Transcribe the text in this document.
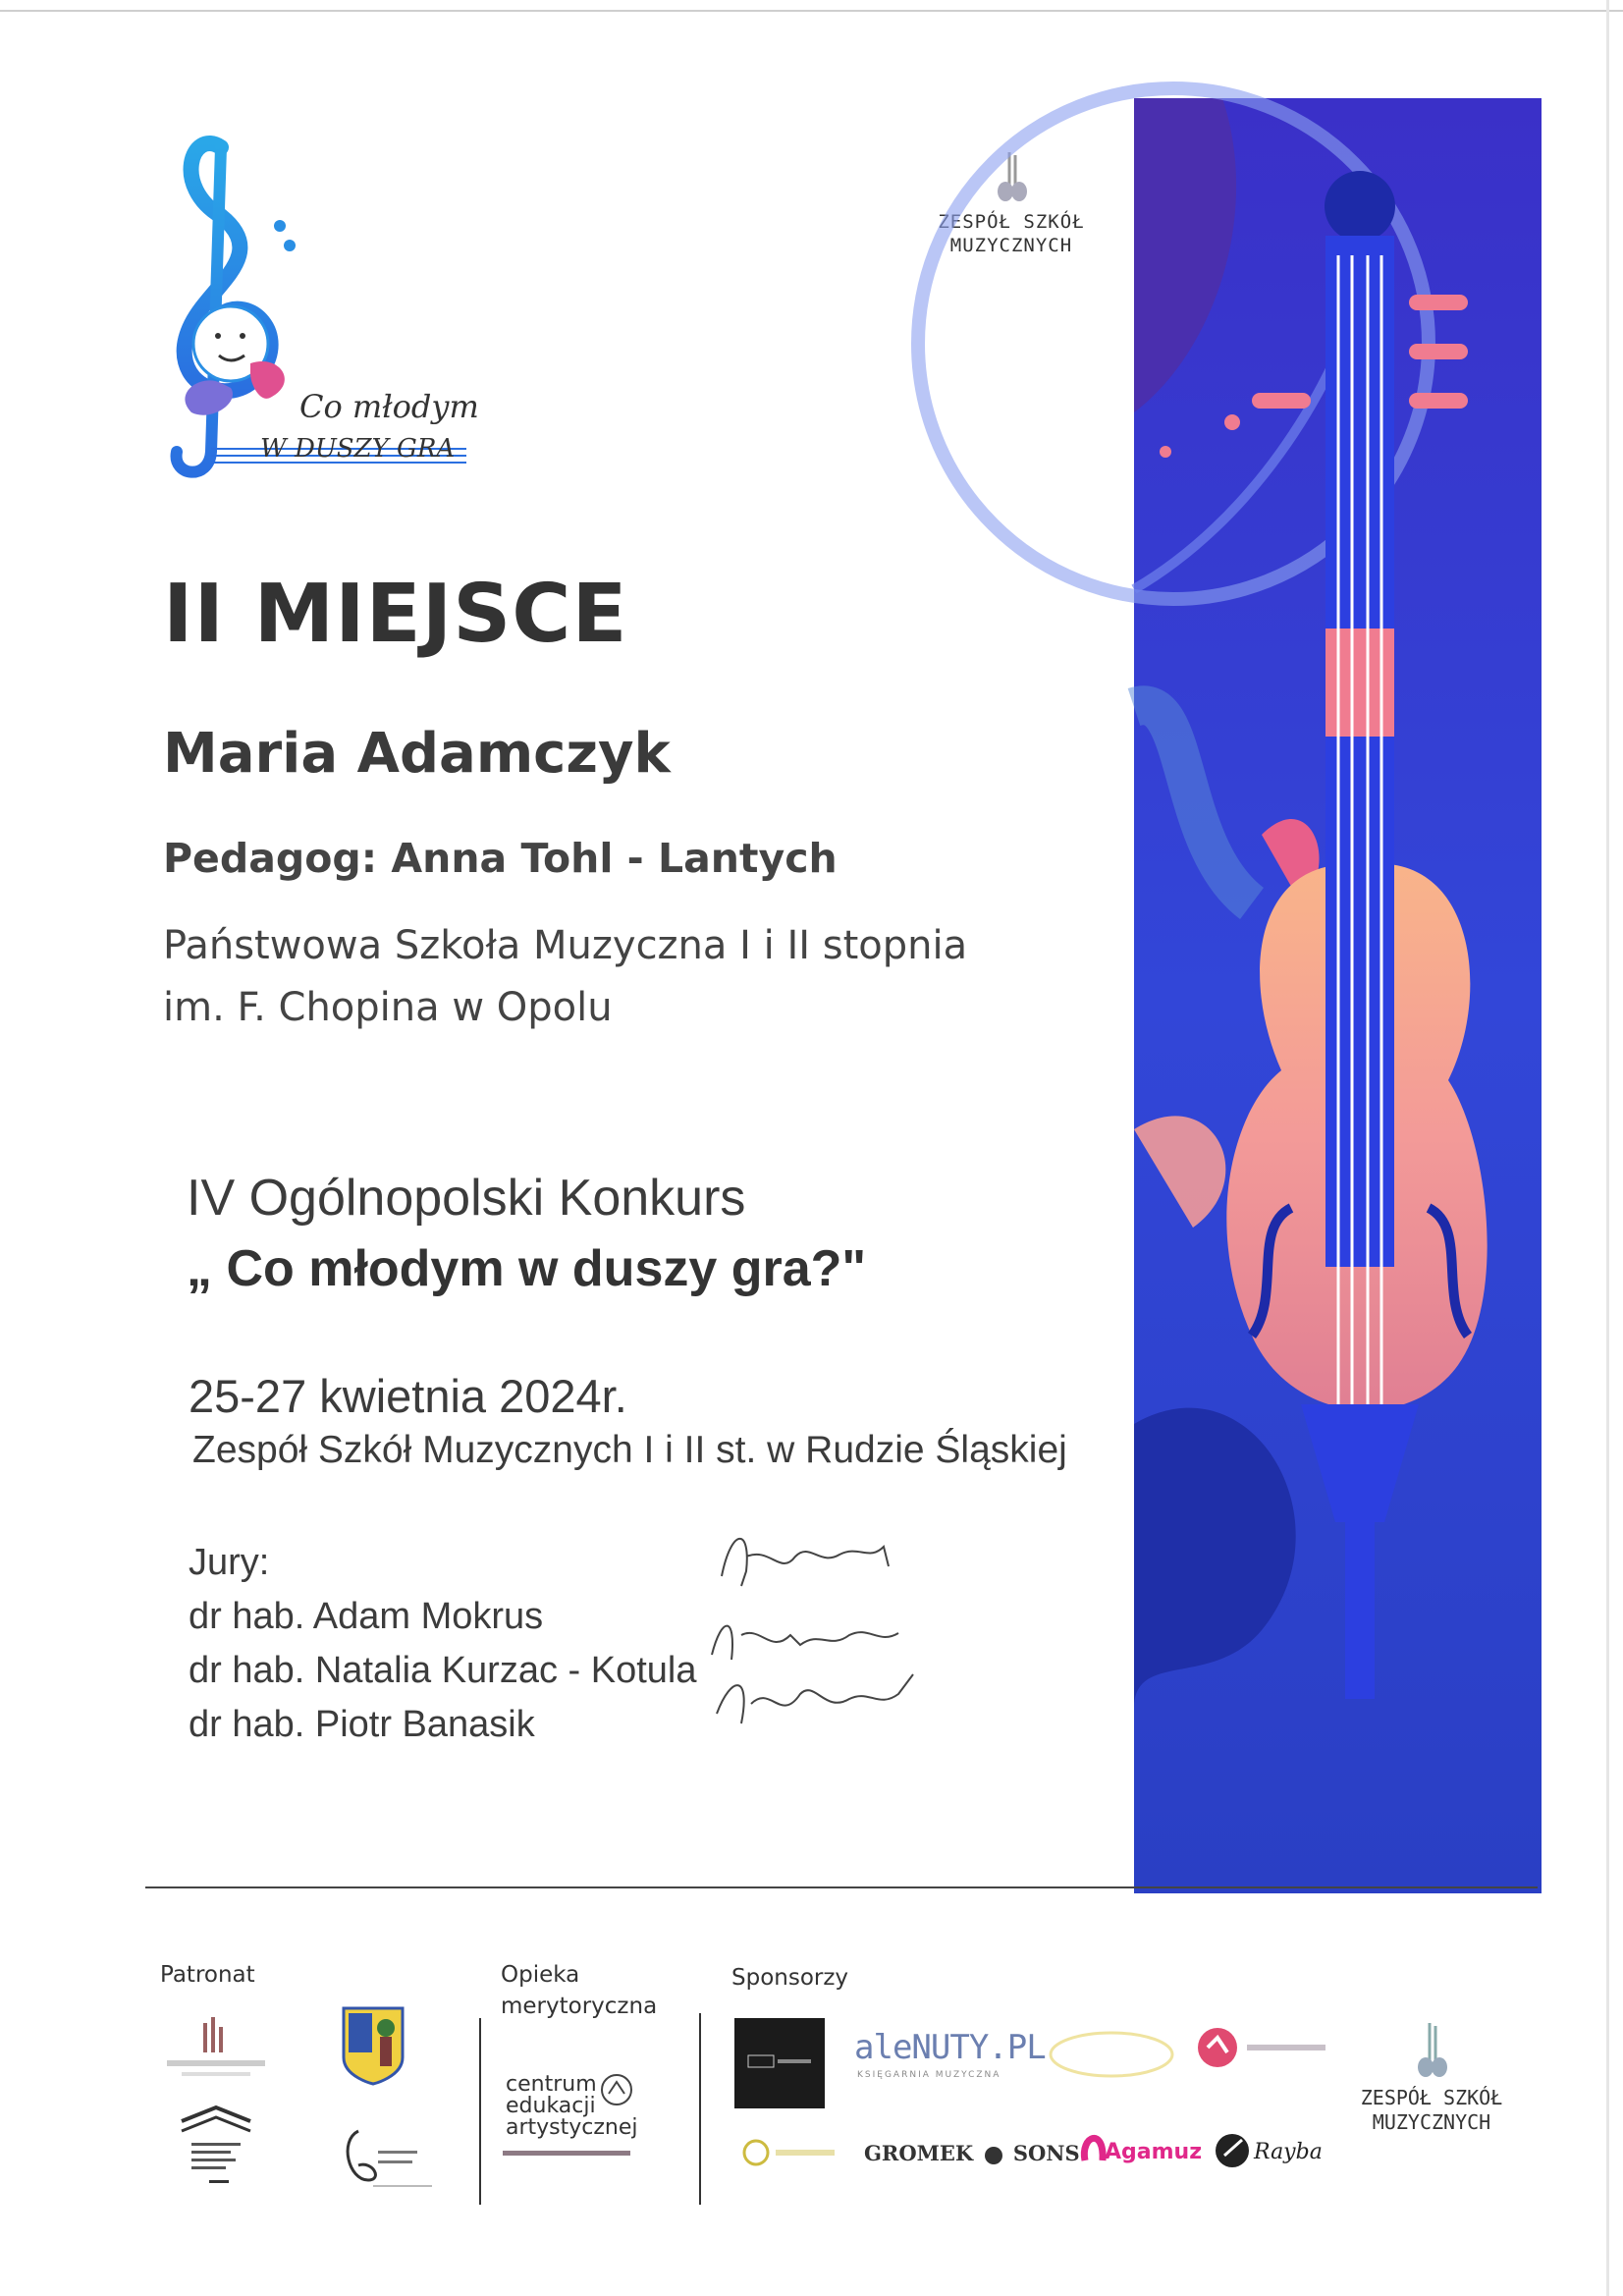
Co młodym
W DUSZY GRA
ZESPÓŁ SZKÓŁ
MUZYCZNYCH
II MIEJSCE
Maria Adamczyk
Pedagog: Anna Tohl - Lantych
Państwowa Szkoła Muzyczna I i II stopnia
im. F. Chopina w Opolu
IV Ogólnopolski Konkurs
„ Co młodym w duszy gra?"
25-27 kwietnia 2024r.
Zespół Szkół Muzycznych I i II st. w Rudzie Śląskiej
Jury:
dr hab. Adam Mokrus
dr hab. Natalia Kurzac - Kotula
dr hab. Piotr Banasik
Patronat	Opieka
merytoryczna
Sponsorzy
centrum
edukacji
artystycznej
aleNUTY.PL
KSIĘGARNIA MUZYCZNA
GROMEK SONS Agamuz Rayba
ZESPÓŁ SZKÓŁ
MUZYCZNYCH
